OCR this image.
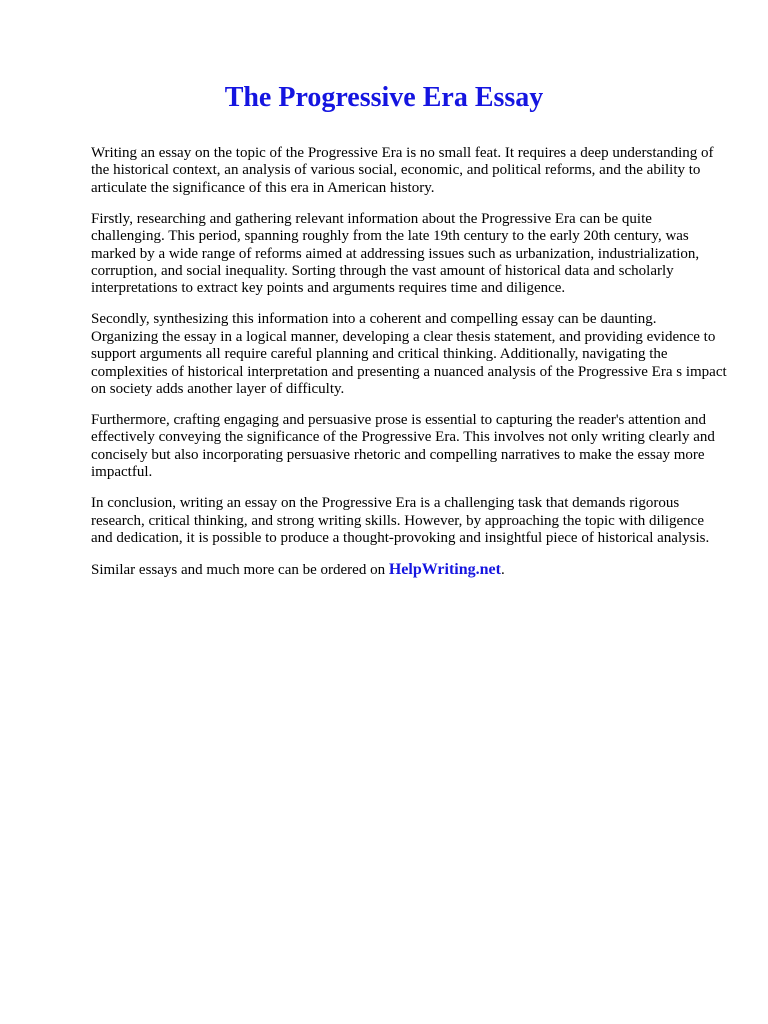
The Progressive Era Essay

Writing an essay on the topic of the Progressive Era is no small feat. It requires a deep understanding of the historical context, an analysis of various social, economic, and political reforms, and the ability to articulate the significance of this era in American history.

Firstly, researching and gathering relevant information about the Progressive Era can be quite challenging. This period, spanning roughly from the late 19th century to the early 20th century, was marked by a wide range of reforms aimed at addressing issues such as urbanization, industrialization, corruption, and social inequality. Sorting through the vast amount of historical data and scholarly interpretations to extract key points and arguments requires time and diligence.

Secondly, synthesizing this information into a coherent and compelling essay can be daunting. Organizing the essay in a logical manner, developing a clear thesis statement, and providing evidence to support arguments all require careful planning and critical thinking. Additionally, navigating the complexities of historical interpretation and presenting a nuanced analysis of the Progressive Era s impact on society adds another layer of difficulty.

Furthermore, crafting engaging and persuasive prose is essential to capturing the reader's attention and effectively conveying the significance of the Progressive Era. This involves not only writing clearly and concisely but also incorporating persuasive rhetoric and compelling narratives to make the essay more impactful.

In conclusion, writing an essay on the Progressive Era is a challenging task that demands rigorous research, critical thinking, and strong writing skills. However, by approaching the topic with diligence and dedication, it is possible to produce a thought-provoking and insightful piece of historical analysis.

Similar essays and much more can be ordered on HelpWriting.net.
